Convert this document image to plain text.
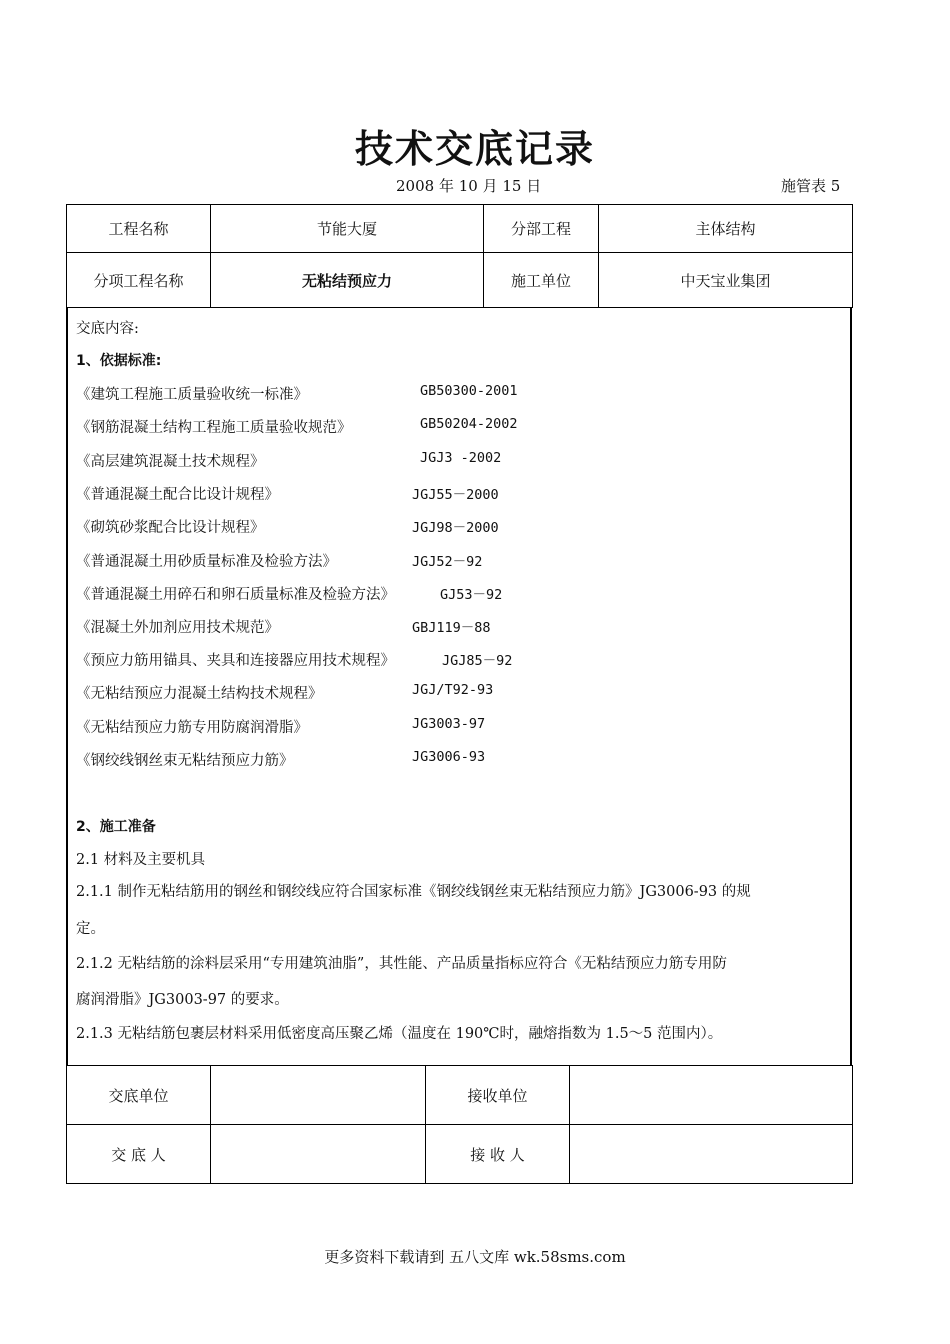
技术交底记录
2008 年 10 月 15 日	施管表 5
工程名称	节能大厦	分部工程	主体结构
分项工程名称	无粘结预应力	施工单位	中天宝业集团
交底内容:
1、依据标准:
《建筑工程施工质量验收统一标准》	GB50300-2001
《钢筋混凝土结构工程施工质量验收规范》	GB50204-2002
《高层建筑混凝土技术规程》	JGJ3 -2002
《普通混凝土配合比设计规程》	JGJ55－2000
《砌筑砂浆配合比设计规程》	JGJ98－2000
《普通混凝土用砂质量标准及检验方法》	JGJ52－92
《普通混凝土用碎石和卵石质量标准及检验方法》	GJ53－92
《混凝土外加剂应用技术规范》	GBJ119－88
《预应力筋用锚具、夹具和连接器应用技术规程》	JGJ85－92
《无粘结预应力混凝土结构技术规程》	JGJ/T92-93
《无粘结预应力筋专用防腐润滑脂》	JG3003-97
《钢绞线钢丝束无粘结预应力筋》	JG3006-93
2、施工准备
2.1 材料及主要机具
2.1.1 制作无粘结筋用的钢丝和钢绞线应符合国家标准《钢绞线钢丝束无粘结预应力筋》JG3006-93 的规
定。
2.1.2 无粘结筋的涂料层采用“专用建筑油脂”，其性能、产品质量指标应符合《无粘结预应力筋专用防
腐润滑脂》JG3003-97 的要求。
2.1.3 无粘结筋包裹层材料采用低密度高压聚乙烯（温度在 190℃时，融熔指数为 1.5～5 范围内）。
交底单位		接收单位	
交 底 人		接 收 人	
更多资料下载请到 五八文库 wk.58sms.com
